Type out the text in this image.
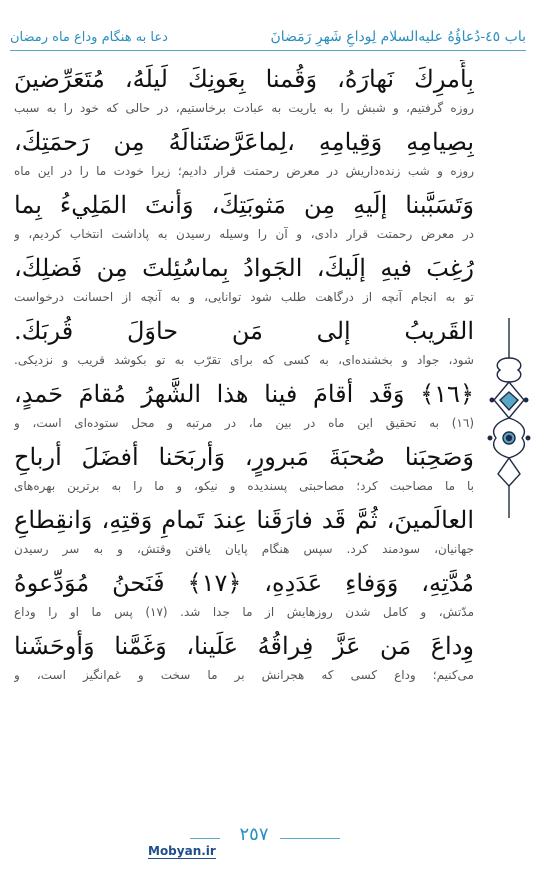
باب ٤٥-دُعاؤُهُ عليه‌السلام لِوداعِ شَهرِ رَمَضانَ
دعا به هنگام وداع ماه رمضان
بِأَمرِكَ نَهارَهُ، وَقُمنا بِعَونِكَ لَيلَهُ، مُتَعَرِّضينَ
روزه گرفتیم، و شبش را به یاریت به عبادت برخاستیم، در حالی که خود را به سبب
بِصِيامِهِ وَقِيامِهِ ،لِماعَرَّضتَنالَهُ مِن رَحمَتِكَ،
روزه و شب زنده‌داریش در معرض رحمتت قرار دادیم؛ زیرا خودت ما را در این ماه
وَتَسَبَّبنا إلَيهِ مِن مَثوبَتِكَ، وَأنتَ المَلِيءُ بِما
در معرض رحمتت قرار دادی، و آن را وسیله رسیدن به پاداشت انتخاب کردیم، و
رُغِبَ فيهِ إلَيكَ، الجَوادُ بِماسُئِلتَ مِن فَضلِكَ،
تو به انجام آنچه از درگاهت طلب شود توانایی، و به آنچه از احسانت درخواست
القَريبُ إلى مَن حاوَلَ قُربَكَ.
شود، جواد و بخشنده‌ای، به کسی که برای تقرّب به تو بکوشد قریب و نزدیکی.
﴿١٦﴾ وَقَد أقامَ فينا هذا الشَّهرُ مُقامَ حَمدٍ،
(١٦) به تحقیق این ماه در بین ما، در مرتبه و محل ستوده‌ای است، و
وَصَحِبَنا صُحبَةَ مَبرورٍ، وَأربَحَنا أفضَلَ أرباحِ
با ما مصاحبت کرد؛ مصاحبتی پسندیده و نیکو، و ما را به برترین بهره‌های
العالَمينَ، ثُمَّ قَد فارَقَنا عِندَ تَمامِ وَقتِهِ، وَانقِطاعِ
جهانیان، سودمند کرد. سپس هنگام پایان یافتن وقتش، و به سر رسیدن
مُدَّتِهِ، وَوَفاءِ عَدَدِهِ، ﴿١٧﴾ فَنَحنُ مُوَدِّعوهُ
مدّتش، و کامل شدن روزهایش از ما جدا شد. (١٧) پس ما او را وداع
وِداعَ مَن عَزَّ فِراقُهُ عَلَينا، وَغَمَّنا وَأوحَشَنا
می‌کنیم؛ وداع کسی که هجرانش بر ما سخت و غم‌انگیز است، و
٢٥٧
Mobyan.ir
